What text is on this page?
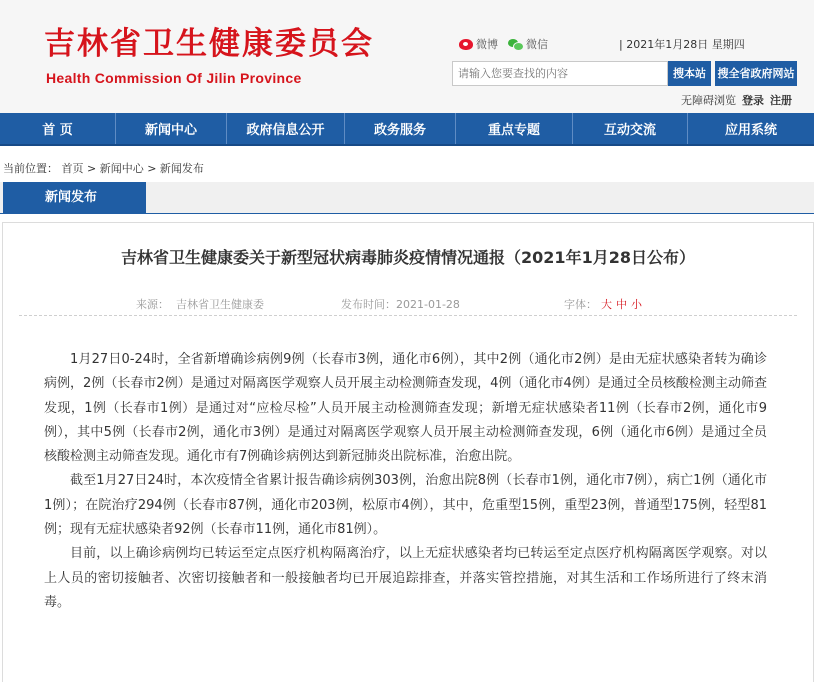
吉林省卫生健康委员会
Health Commission Of Jilin Province
微博	微信	| 2021年1月28日 星期四
请输入您要查找的内容
搜本站	搜全省政府网站
无障碍浏览 登录 注册
首 页	新闻中心	政府信息公开	政务服务	重点专题	互动交流	应用系统
当前位置： 首页 > 新闻中心 > 新闻发布
新闻发布
吉林省卫生健康委关于新型冠状病毒肺炎疫情情况通报（2021年1月28日公布）
来源： 吉林省卫生健康委	发布时间：2021-01-28	字体： 大 中 小

1月27日0-24时，全省新增确诊病例9例（长春市3例，通化市6例），其中2例（通化市2例）是由无症状感染者转为确诊病例，2例（长春市2例）是通过对隔离医学观察人员开展主动检测筛查发现，4例（通化市4例）是通过全员核酸检测主动筛查发现，1例（长春市1例）是通过对“应检尽检”人员开展主动检测筛查发现；新增无症状感染者11例（长春市2例，通化市9例），其中5例（长春市2例，通化市3例）是通过对隔离医学观察人员开展主动检测筛查发现，6例（通化市6例）是通过全员核酸检测主动筛查发现。通化市有7例确诊病例达到新冠肺炎出院标准，治愈出院。

截至1月27日24时，本次疫情全省累计报告确诊病例303例，治愈出院8例（长春市1例，通化市7例），病亡1例（通化市1例）；在院治疗294例（长春市87例，通化市203例，松原市4例），其中，危重型15例，重型23例，普通型175例，轻型81例；现有无症状感染者92例（长春市11例，通化市81例）。

目前，以上确诊病例均已转运至定点医疗机构隔离治疗，以上无症状感染者均已转运至定点医疗机构隔离医学观察。对以上人员的密切接触者、次密切接触者和一般接触者均已开展追踪排查，并落实管控措施，对其生活和工作场所进行了终末消毒。
